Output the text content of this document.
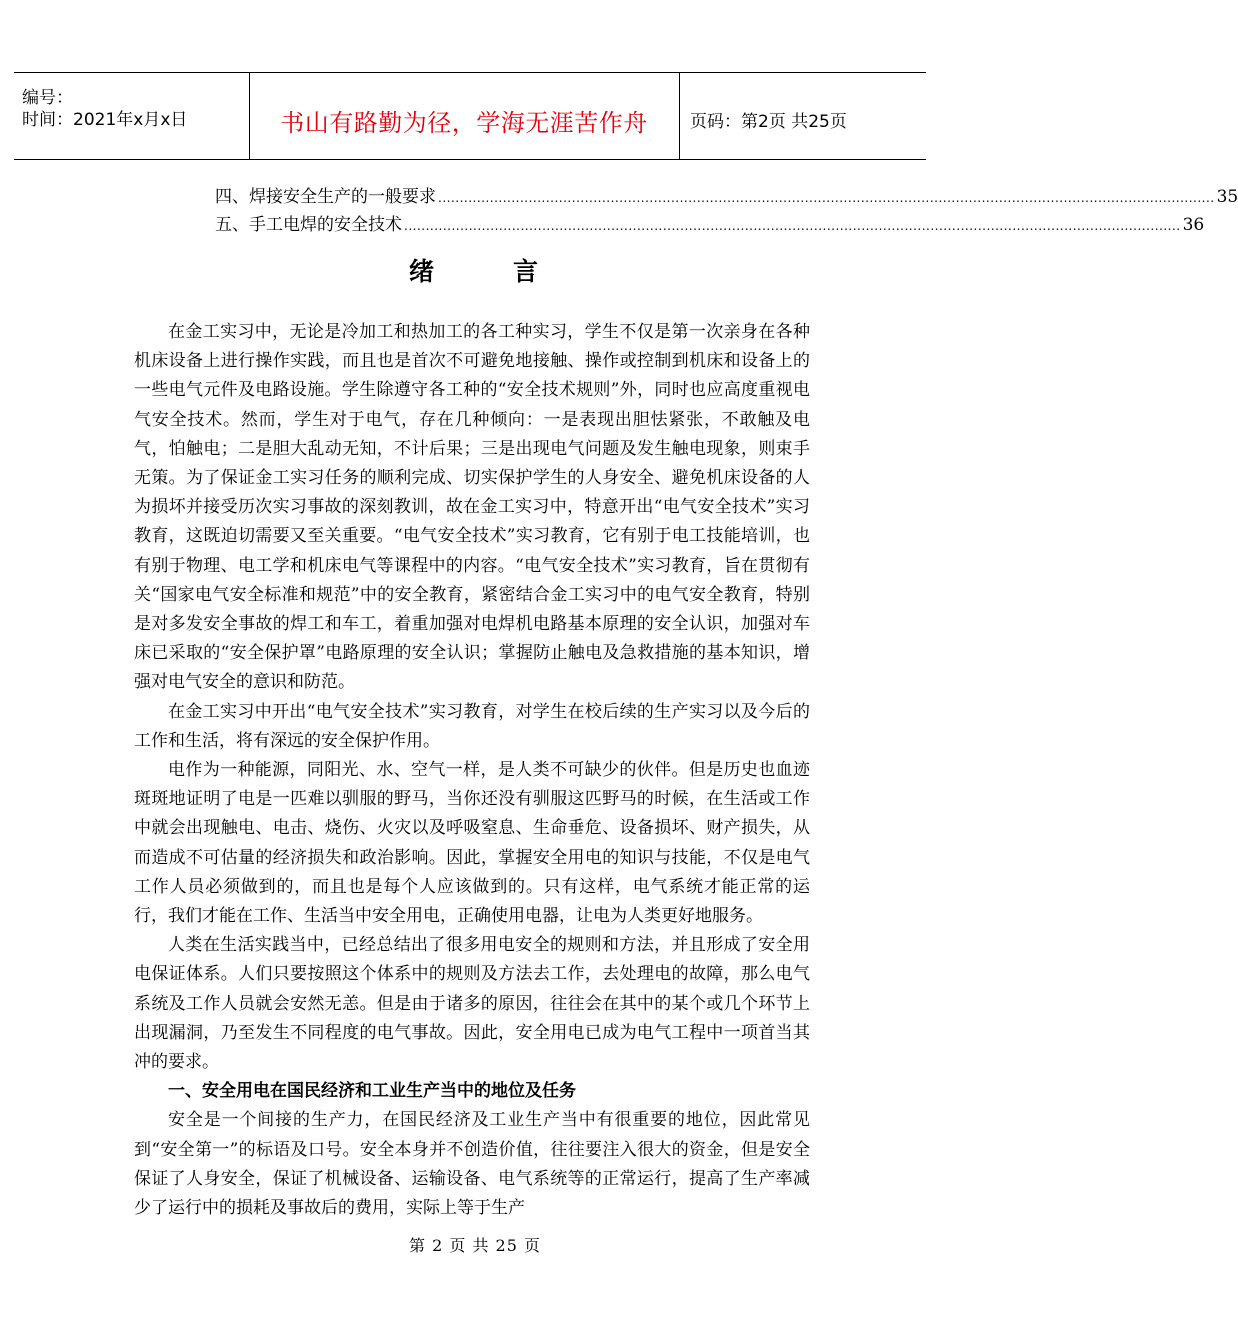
编号：
时间：2021年x月x日	书山有路勤为径，学海无涯苦作舟	页码：第2页 共25页
四、焊接安全生产的一般要求 .................................................................................................................................................................................... 35
五、手工电焊的安全技术 .................................................................................................................................................................................... 36
绪	言

在金工实习中，无论是冷加工和热加工的各工种实习，学生不仅是第一次亲身在各种机床设备上进行操作实践，而且也是首次不可避免地接触、操作或控制到机床和设备上的一些电气元件及电路设施。学生除遵守各工种的“安全技术规则”外，同时也应高度重视电气安全技术。然而，学生对于电气，存在几种倾向：一是表现出胆怯紧张，不敢触及电气，怕触电；二是胆大乱动无知，不计后果；三是出现电气问题及发生触电现象，则束手无策。为了保证金工实习任务的顺利完成、切实保护学生的人身安全、避免机床设备的人为损坏并接受历次实习事故的深刻教训，故在金工实习中，特意开出“电气安全技术”实习教育，这既迫切需要又至关重要。“电气安全技术”实习教育，它有别于电工技能培训，也有别于物理、电工学和机床电气等课程中的内容。“电气安全技术”实习教育，旨在贯彻有关“国家电气安全标准和规范”中的安全教育，紧密结合金工实习中的电气安全教育，特别是对多发安全事故的焊工和车工，着重加强对电焊机电路基本原理的安全认识，加强对车床已采取的“安全保护罩”电路原理的安全认识；掌握防止触电及急救措施的基本知识，增强对电气安全的意识和防范。

在金工实习中开出“电气安全技术”实习教育，对学生在校后续的生产实习以及今后的工作和生活，将有深远的安全保护作用。

电作为一种能源，同阳光、水、空气一样，是人类不可缺少的伙伴。但是历史也血迹斑斑地证明了电是一匹难以驯服的野马，当你还没有驯服这匹野马的时候，在生活或工作中就会出现触电、电击、烧伤、火灾以及呼吸窒息、生命垂危、设备损坏、财产损失，从而造成不可估量的经济损失和政治影响。因此，掌握安全用电的知识与技能，不仅是电气工作人员必须做到的，而且也是每个人应该做到的。只有这样，电气系统才能正常的运行，我们才能在工作、生活当中安全用电，正确使用电器，让电为人类更好地服务。

人类在生活实践当中，已经总结出了很多用电安全的规则和方法，并且形成了安全用电保证体系。人们只要按照这个体系中的规则及方法去工作，去处理电的故障，那么电气系统及工作人员就会安然无恙。但是由于诸多的原因，往往会在其中的某个或几个环节上出现漏洞，乃至发生不同程度的电气事故。因此，安全用电已成为电气工程中一项首当其冲的要求。

一、安全用电在国民经济和工业生产当中的地位及任务

安全是一个间接的生产力，在国民经济及工业生产当中有很重要的地位，因此常见到“安全第一”的标语及口号。安全本身并不创造价值，往往要注入很大的资金，但是安全保证了人身安全，保证了机械设备、运输设备、电气系统等的正常运行，提高了生产率减少了运行中的损耗及事故后的费用，实际上等于生产

第 2 页 共 25 页
